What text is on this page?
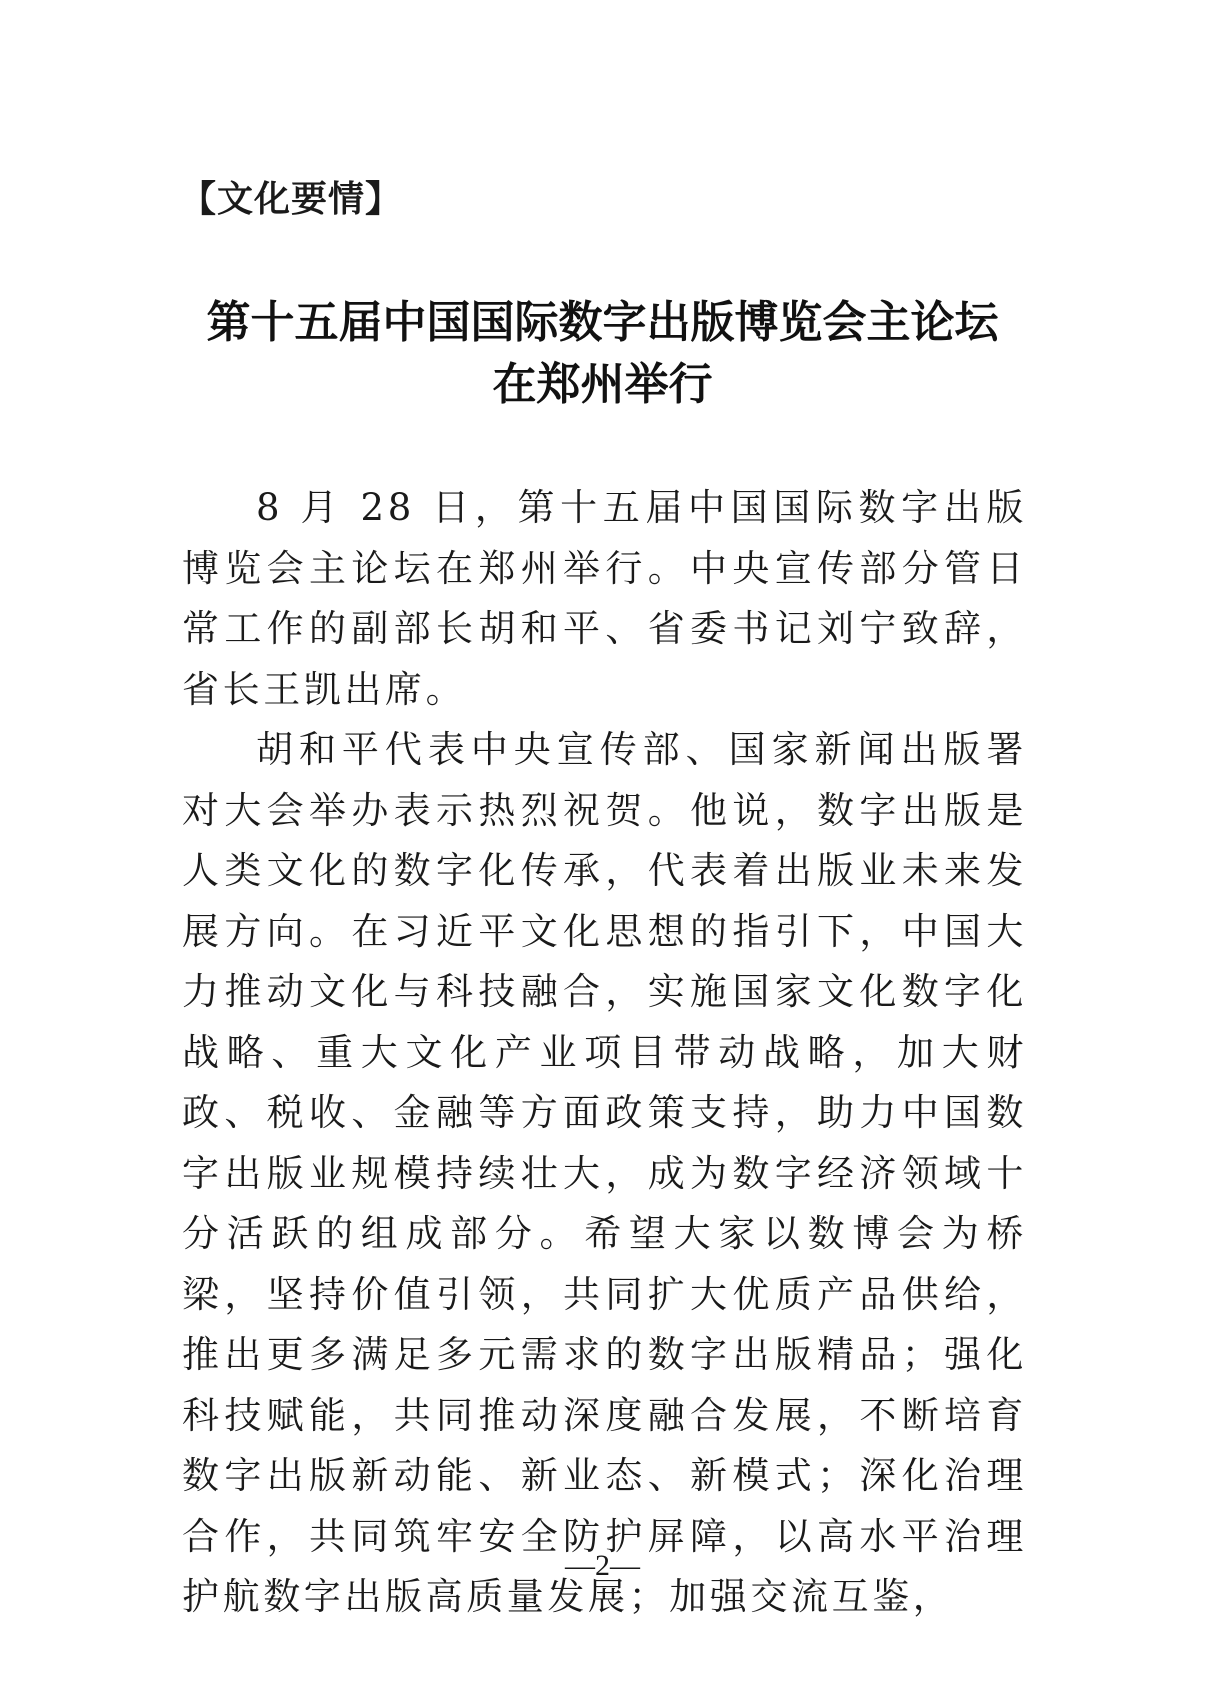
【文化要情】
第十五届中国国际数字出版博览会主论坛
在郑州举行

8 月 28 日，第十五届中国国际数字出版博览会主论坛在郑州举行。中央宣传部分管日常工作的副部长胡和平、省委书记刘宁致辞，省长王凯出席。

胡和平代表中央宣传部、国家新闻出版署对大会举办表示热烈祝贺。他说，数字出版是人类文化的数字化传承，代表着出版业未来发展方向。在习近平文化思想的指引下，中国大力推动文化与科技融合，实施国家文化数字化战略、重大文化产业项目带动战略，加大财政、税收、金融等方面政策支持，助力中国数字出版业规模持续壮大，成为数字经济领域十分活跃的组成部分。希望大家以数博会为桥梁，坚持价值引领，共同扩大优质产品供给，推出更多满足多元需求的数字出版精品；强化科技赋能，共同推动深度融合发展，不断培育数字出版新动能、新业态、新模式；深化治理合作，共同筑牢安全防护屏障，以高水平治理护航数字出版高质量发展；加强交流互鉴，

—2—
